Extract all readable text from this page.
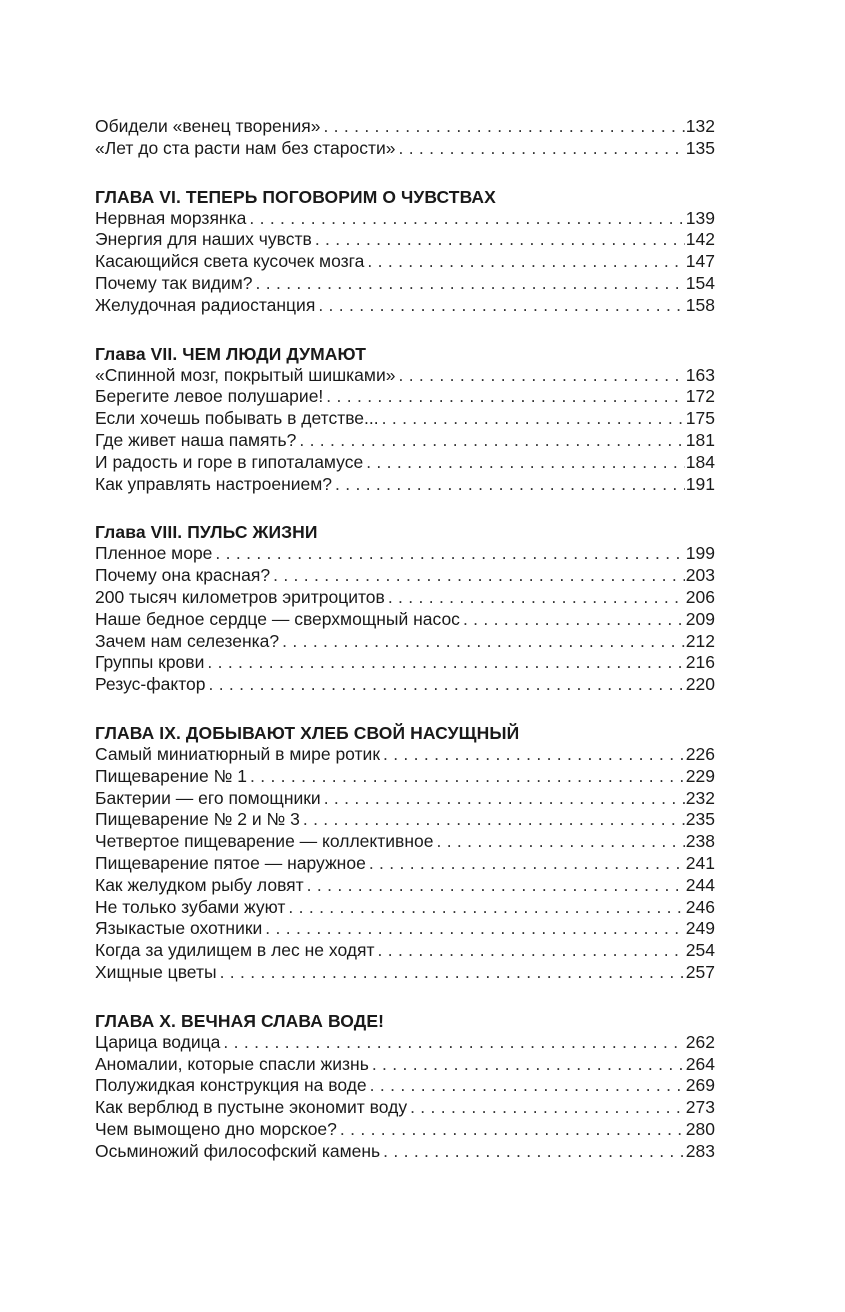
Обидели «венец творения» . . .	132
«Лет до ста расти нам без старости» . . .	135
ГЛАВА VI. ТЕПЕРЬ ПОГОВОРИМ О ЧУВСТВАХ
Нервная морзянка . . .	139
Энергия для наших чувств . . .	142
Касающийся света кусочек мозга . . .	147
Почему так видим? . . .	154
Желудочная радиостанция . . .	158
Глава VII. ЧЕМ ЛЮДИ ДУМАЮТ
«Спинной мозг, покрытый шишками» . . .	163
Берегите левое полушарие! . . .	172
Если хочешь побывать в детстве... . . .	175
Где живет наша память? . . .	181
И радость и горе в гипоталамусе . . .	184
Как управлять настроением? . . .	191
Глава VIII. ПУЛЬС ЖИЗНИ
Пленное море . . .	199
Почему она красная? . . .	203
200 тысяч километров эритроцитов . . .	206
Наше бедное сердце — сверхмощный насос . . .	209
Зачем нам селезенка? . . .	212
Группы крови . . .	216
Резус-фактор . . .	220
ГЛАВА IX. ДОБЫВАЮТ ХЛЕБ СВОЙ НАСУЩНЫЙ
Самый миниатюрный в мире ротик . . .	226
Пищеварение № 1 . . .	229
Бактерии — его помощники . . .	232
Пищеварение № 2 и № 3 . . .	235
Четвертое пищеварение — коллективное . . .	238
Пищеварение пятое — наружное . . .	241
Как желудком рыбу ловят . . .	244
Не только зубами жуют . . .	246
Языкастые охотники . . .	249
Когда за удилищем в лес не ходят . . .	254
Хищные цветы . . .	257
ГЛАВА X. ВЕЧНАЯ СЛАВА ВОДЕ!
Царица водица . . .	262
Аномалии, которые спасли жизнь . . .	264
Полужидкая конструкция на воде . . .	269
Как верблюд в пустыне экономит воду . . .	273
Чем вымощено дно морское? . . .	280
Осьминожий философский камень . . .	283
